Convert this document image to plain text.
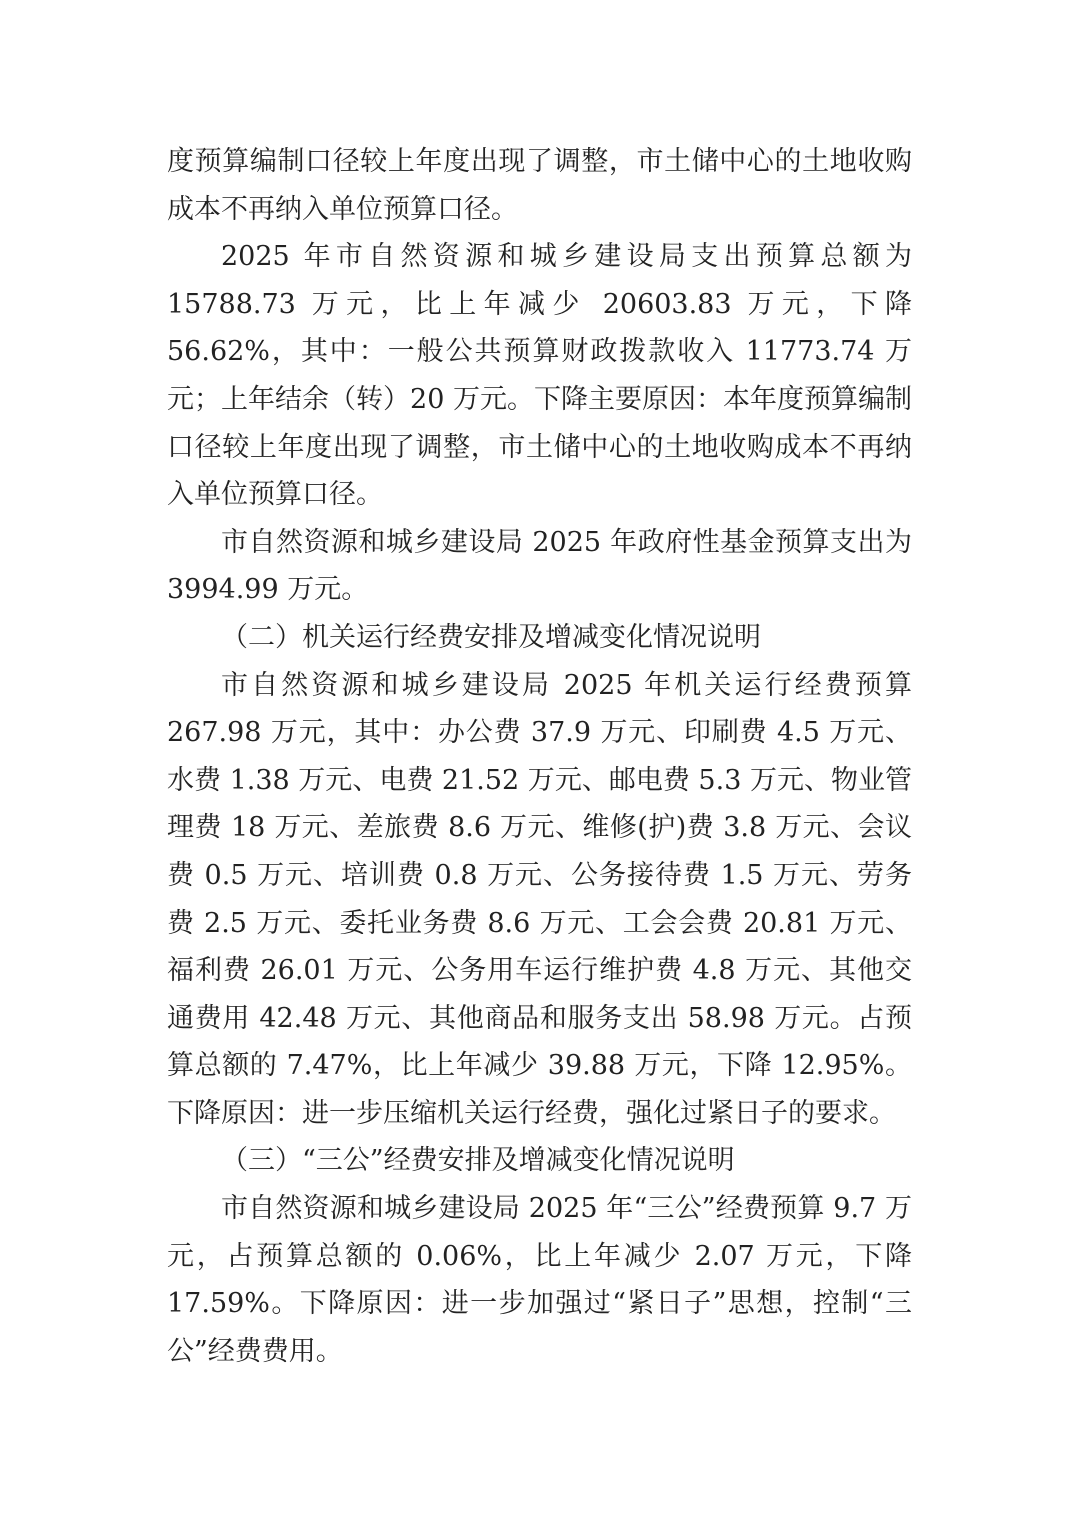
度预算编制口径较上年度出现了调整，市土储中心的土地收购成本不再纳入单位预算口径。

2025 年市自然资源和城乡建设局支出预算总额为 15788.73 万元，比上年减少 20603.83 万元，下降 56.62%，其中：一般公共预算财政拨款收入 11773.74 万元；上年结余（转）20 万元。下降主要原因：本年度预算编制口径较上年度出现了调整，市土储中心的土地收购成本不再纳入单位预算口径。

市自然资源和城乡建设局 2025 年政府性基金预算支出为 3994.99 万元。

（二）机关运行经费安排及增减变化情况说明

市自然资源和城乡建设局 2025 年机关运行经费预算 267.98 万元，其中：办公费 37.9 万元、印刷费 4.5 万元、水费 1.38 万元、电费 21.52 万元、邮电费 5.3 万元、物业管理费 18 万元、差旅费 8.6 万元、维修(护)费 3.8 万元、会议费 0.5 万元、培训费 0.8 万元、公务接待费 1.5 万元、劳务费 2.5 万元、委托业务费 8.6 万元、工会会费 20.81 万元、福利费 26.01 万元、公务用车运行维护费 4.8 万元、其他交通费用 42.48 万元、其他商品和服务支出 58.98 万元。占预算总额的 7.47%，比上年减少 39.88 万元，下降 12.95%。下降原因：进一步压缩机关运行经费，强化过紧日子的要求。

（三）“三公”经费安排及增减变化情况说明

市自然资源和城乡建设局 2025 年“三公”经费预算 9.7 万元，占预算总额的 0.06%，比上年减少 2.07 万元，下降 17.59%。下降原因：进一步加强过“紧日子”思想，控制“三公”经费费用。
